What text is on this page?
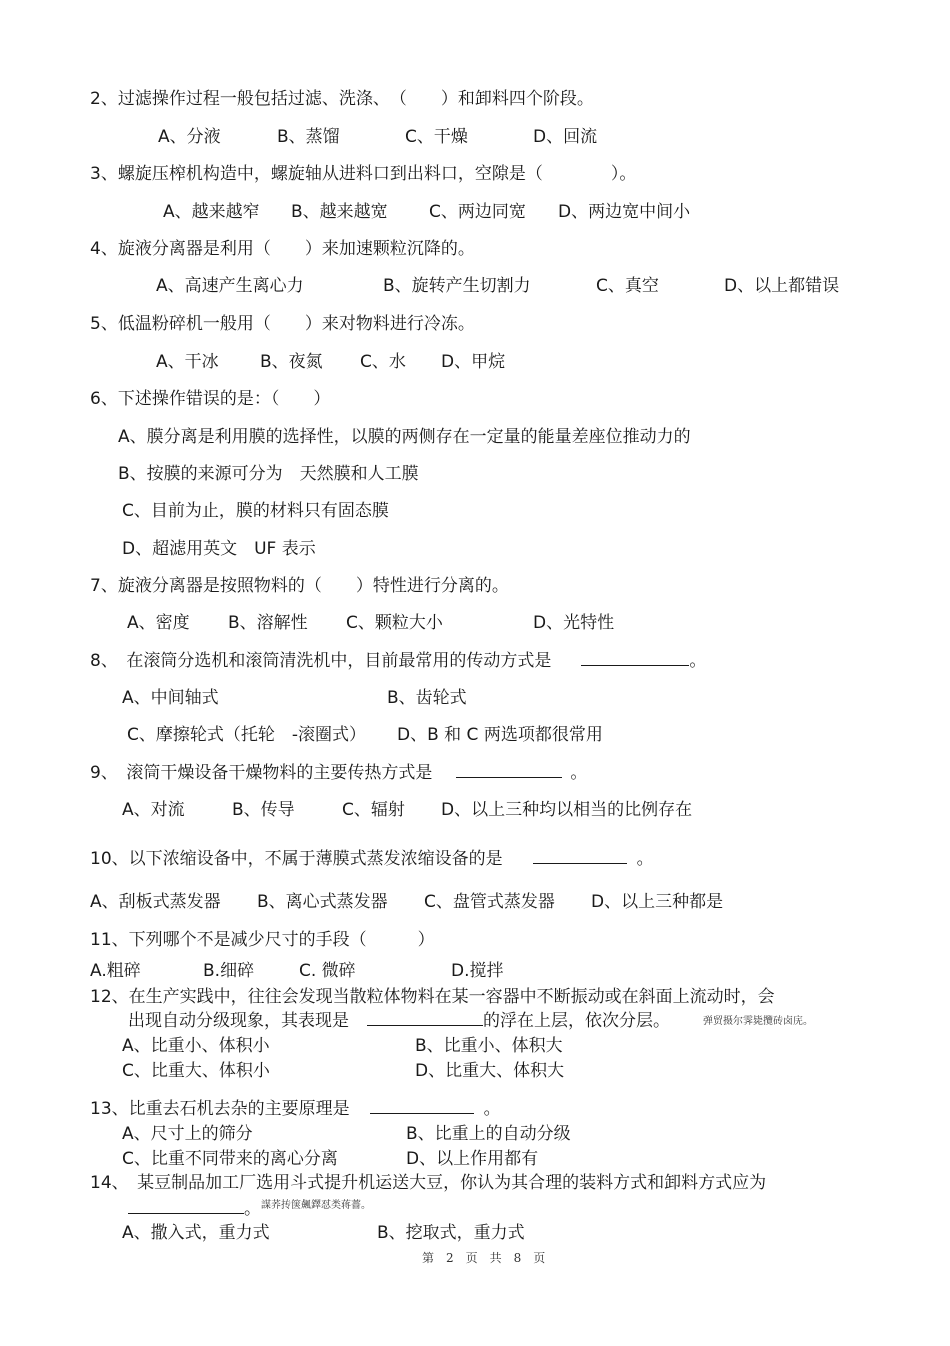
2、过滤操作过程一般包括过滤、洗涤、　（　　）和卸料四个阶段。
A、分液	B、蒸馏	C、干燥	D、回流
3、螺旋压榨机构造中，螺旋轴从进料口到出料口，空隙是（　　　　）。
A、越来越窄 B、越来越宽 C、两边同宽 D、两边宽中间小
4、旋液分离器是利用（　　）来加速颗粒沉降的。
A、高速产生离心力	B、旋转产生切割力	C、真空	D、以上都错误
5、低温粉碎机一般用（　　）来对物料进行冷冻。
A、干冰 B、夜氮 C、水 D、甲烷
6、下述操作错误的是：（　　）
A、膜分离是利用膜的选择性，以膜的两侧存在一定量的能量差座位推动力的
B、按膜的来源可分为　天然膜和人工膜
C、目前为止，膜的材料只有固态膜
D、超滤用英文　UF 表示
7、旋液分离器是按照物料的（　　）特性进行分离的。
A、密度 B、溶解性 C、颗粒大小	D、光特性
8、　在滚筒分选机和滚筒清洗机中，目前最常用的传动方式是	。
A、中间轴式	B、齿轮式
C、摩擦轮式（托轮　-滚圈式） D、B 和 C 两选项都很常用
9、　滚筒干燥设备干燥物料的主要传热方式是	。
A、对流	B、传导	C、辐射 D、以上三种均以相当的比例存在
10、以下浓缩设备中，不属于薄膜式蒸发浓缩设备的是	。
A、刮板式蒸发器 B、离心式蒸发器 C、盘管式蒸发器 D、以上三种都是
11、下列哪个不是减少尺寸的手段（　　　）
A.粗碎	B.细碎	C. 微碎	D.搅拌
12、在生产实践中，往往会发现当散粒体物料在某一容器中不断振动或在斜面上流动时，会
出现自动分级现象，其表现是	的浮在上层，依次分层。	弹贸摄尔霁毙攬砖卤庑。
A、比重小、体积小	B、比重小、体积大
C、比重大、体积小	D、比重大、体积大
13、比重去石机去杂的主要原理是	。
A、尺寸上的筛分	B、比重上的自动分级
C、比重不同带来的离心分离	D、以上作用都有
14、　某豆制品加工厂选用斗式提升机运送大豆，你认为其合理的装料方式和卸料方式应为
謀荞抟箧飆鐸怼类蒋薔。
。
A、撒入式，重力式	B、挖取式，重力式
第　2　页　共　8　页
